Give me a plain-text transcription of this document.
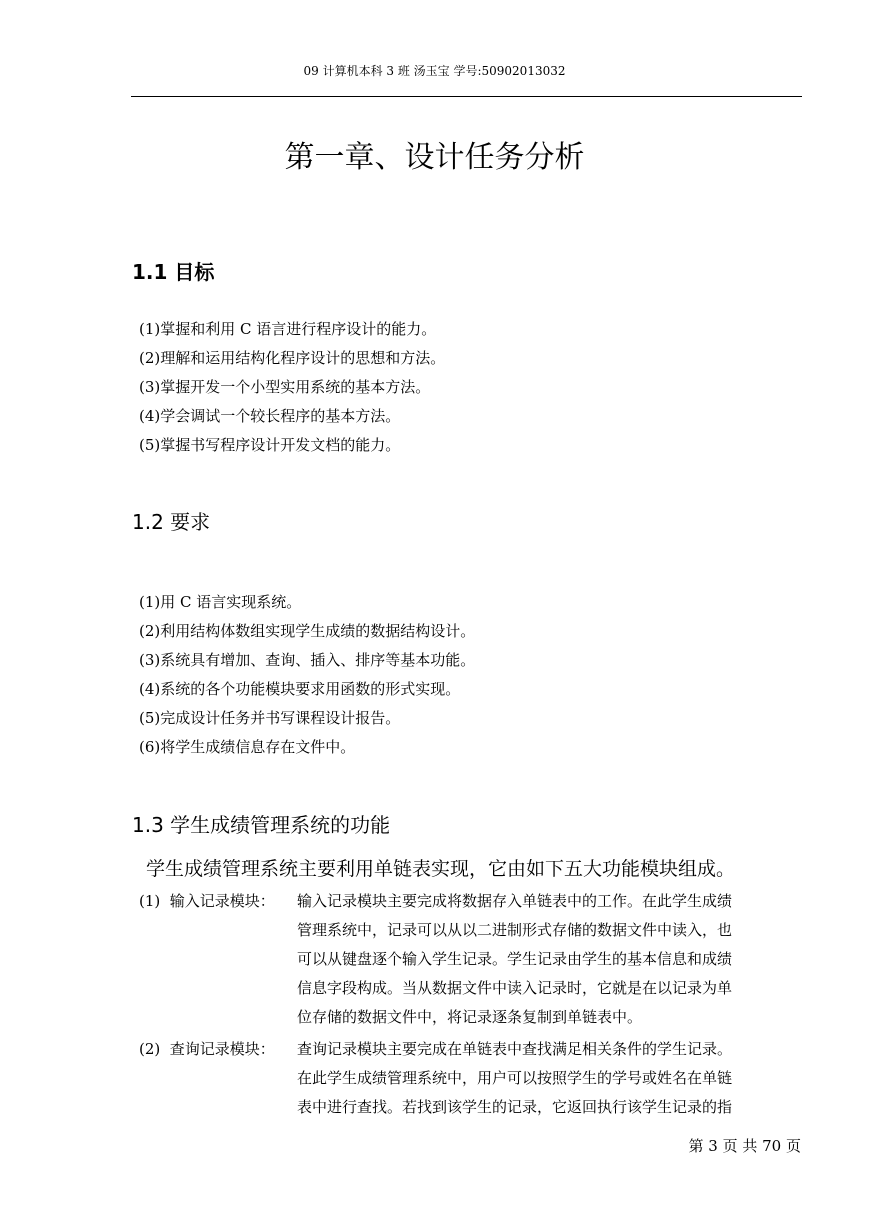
09 计算机本科 3 班 汤玉宝 学号:50902013032
第一章、设计任务分析
1.1 目标
(1)掌握和利用 C 语言进行程序设计的能力。
(2)理解和运用结构化程序设计的思想和方法。
(3)掌握开发一个小型实用系统的基本方法。
(4)学会调试一个较长程序的基本方法。
(5)掌握书写程序设计开发文档的能力。
1.2 要求
(1)用 C 语言实现系统。
(2)利用结构体数组实现学生成绩的数据结构设计。
(3)系统具有增加、查询、插入、排序等基本功能。
(4)系统的各个功能模块要求用函数的形式实现。
(5)完成设计任务并书写课程设计报告。
(6)将学生成绩信息存在文件中。
1.3 学生成绩管理系统的功能

学生成绩管理系统主要利用单链表实现，它由如下五大功能模块组成。

(1)  输入记录模块： 输入记录模块主要完成将数据存入单链表中的工作。在此学生成绩
管理系统中，记录可以从以二进制形式存储的数据文件中读入，也
可以从键盘逐个输入学生记录。学生记录由学生的基本信息和成绩
信息字段构成。当从数据文件中读入记录时，它就是在以记录为单
位存储的数据文件中，将记录逐条复制到单链表中。
(2)  查询记录模块： 查询记录模块主要完成在单链表中查找满足相关条件的学生记录。
在此学生成绩管理系统中，用户可以按照学生的学号或姓名在单链
表中进行查找。若找到该学生的记录，它返回执行该学生记录的指
第 3 页 共 70 页
